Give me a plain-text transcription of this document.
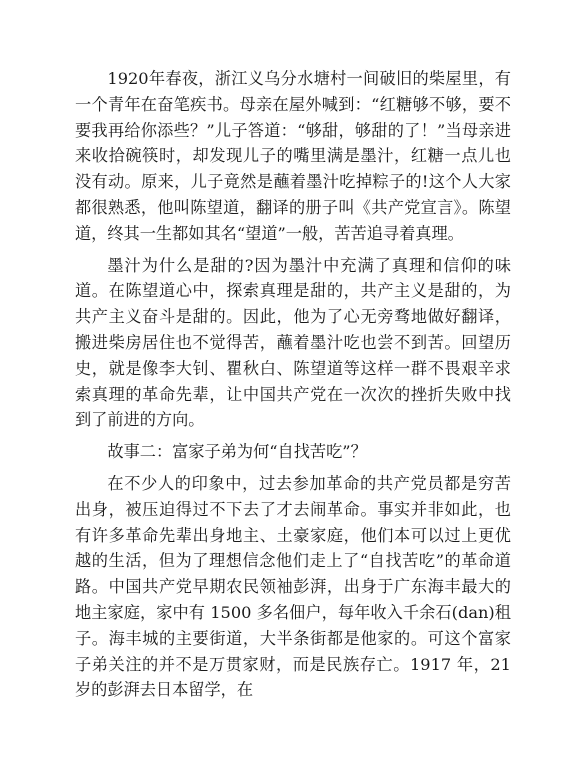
1920年春夜，浙江义乌分水塘村一间破旧的柴屋里，有一个青年在奋笔疾书。母亲在屋外喊到：“红糖够不够，要不要我再给你添些？”儿子答道：“够甜，够甜的了！”当母亲进来收拾碗筷时，却发现儿子的嘴里满是墨汁，红糖一点儿也没有动。原来，儿子竟然是蘸着墨汁吃掉粽子的!这个人大家都很熟悉，他叫陈望道，翻译的册子叫《共产党宣言》。陈望道，终其一生都如其名“望道”一般，苦苦追寻着真理。

墨汁为什么是甜的?因为墨汁中充满了真理和信仰的味道。在陈望道心中，探索真理是甜的，共产主义是甜的，为共产主义奋斗是甜的。因此，他为了心无旁骛地做好翻译，搬进柴房居住也不觉得苦，蘸着墨汁吃也尝不到苦。回望历史，就是像李大钊、瞿秋白、陈望道等这样一群不畏艰辛求索真理的革命先辈，让中国共产党在一次次的挫折失败中找到了前进的方向。

故事二：富家子弟为何“自找苦吃”？

在不少人的印象中，过去参加革命的共产党员都是穷苦出身，被压迫得过不下去了才去闹革命。事实并非如此，也有许多革命先辈出身地主、土豪家庭，他们本可以过上更优越的生活，但为了理想信念他们走上了“自找苦吃”的革命道路。中国共产党早期农民领袖彭湃，出身于广东海丰最大的地主家庭，家中有 1500 多名佃户，每年收入千余石(dan)租子。海丰城的主要街道，大半条街都是他家的。可这个富家子弟关注的并不是万贯家财，而是民族存亡。1917 年，21 岁的彭湃去日本留学，在
